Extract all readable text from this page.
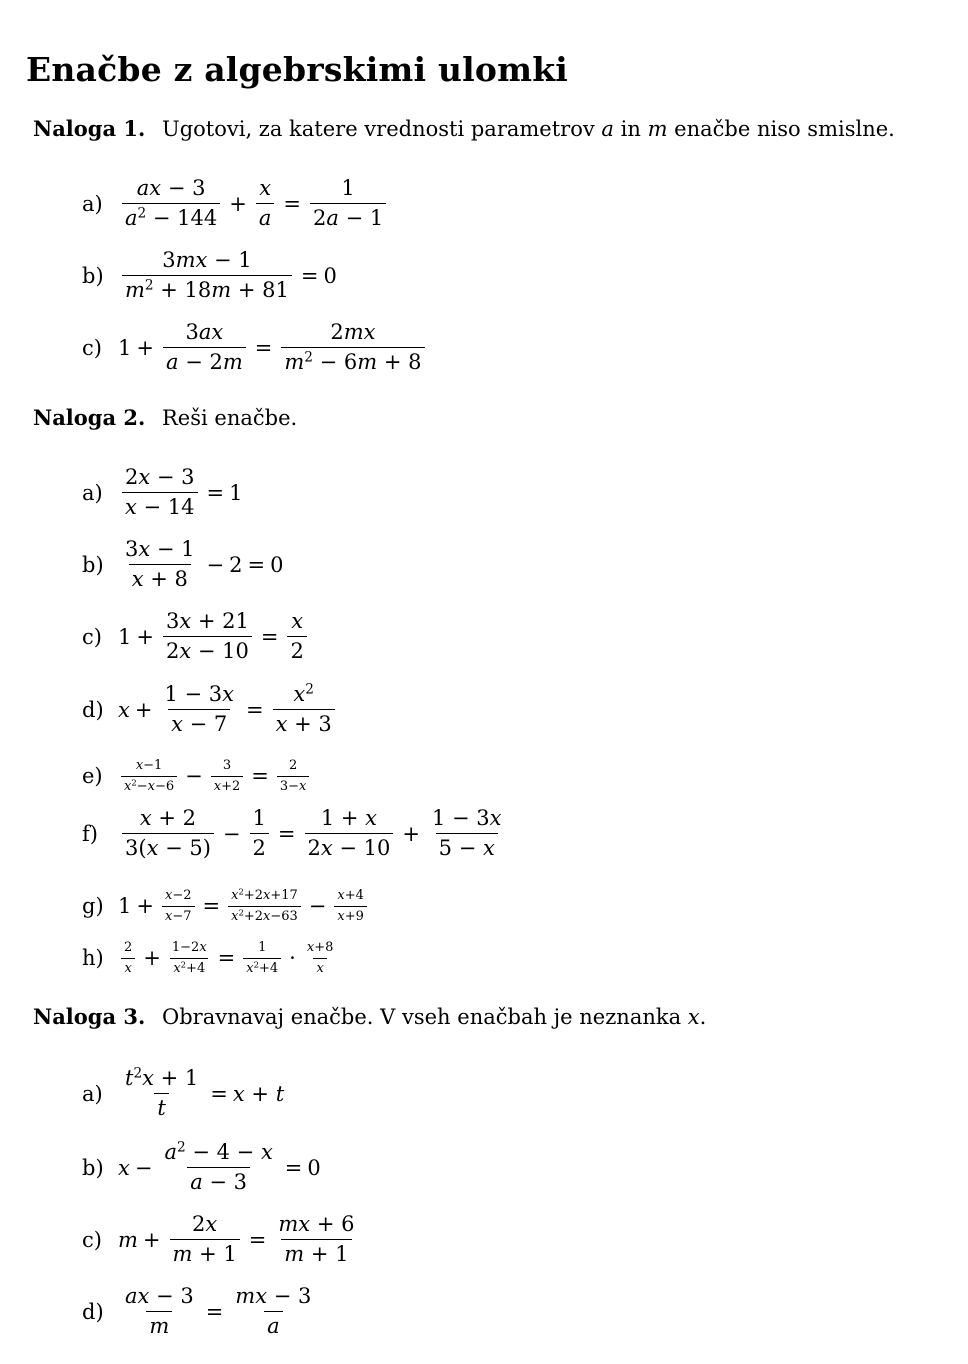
Enačbe z algebrskimi ulomki
Naloga 1. Ugotovi, za katere vrednosti parametrov a in m enačbe niso smislne.
$a) \frac{ax - 3}{a^2 - 144} + \frac{x}{a} = \frac{1}{2a - 1}$
$b) \frac{3mx - 1}{m^2 + 18m + 81} = 0$
c) $1 + \frac{3ax}{a - 2m} = \frac{2mx}{m^2 - 6m + 8}$
Naloga 2. Reši enačbe.
$a) \frac{2x - 3}{x - 14} = 1$
$b) \frac{3x - 1}{x + 8} - 2 = 0$
c) $1 + \frac{3x + 21}{2x - 10} = \frac{x}{2}$
d) $x + \frac{1 - 3x}{x - 7} = \frac{x^2}{x + 3}$
e)	$\frac{x-1}{x^2-x-6} - \frac{3}{x+2} = \frac{2}{3-x}$
f)	$\frac{x + 2}{3(x - 5)} - \frac{1}{2} = \frac{1 + x}{2x - 10} + \frac{1 - 3x}{5 - x}$
g) $1 + \frac{x-2}{x-7} = \frac{x^2+2x+17}{x^2+2x-63} - \frac{x+4}{x+9}$
h)	$\frac{2}{x} + \frac{1-2x}{x^2+4} = \frac{1}{x^2+4} \cdot \frac{x+8}{x}$
Naloga 3. Obravnavaj enačbe. V vseh enačbah je neznanka x.
$a) \frac{t^2x + 1}{t} = x + t$
b) $x - \frac{a^2 - 4 - x}{a - 3} = 0$
c) $m + \frac{2x}{m + 1} = \frac{mx + 6}{m + 1}$
$d) \frac{ax - 3}{m} = \frac{mx - 3}{a}$
